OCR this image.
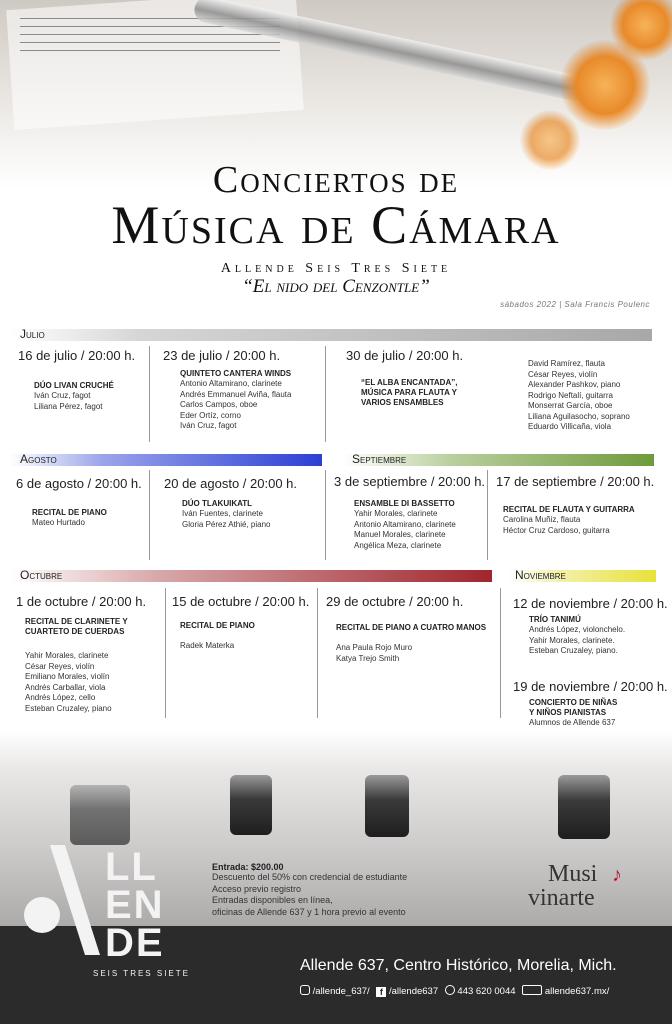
Conciertos de
Música de Cámara
Allende Seis Tres Siete
“El nido del Cenzontle”
sábados 2022 | Sala Francis Poulenc
Julio
16 de julio / 20:00 h.
DÚO LIVAN CRUCHÉ
Iván Cruz, fagot
Liliana Pérez, fagot
23 de julio / 20:00 h.
QUINTETO CANTERA WINDS
Antonio Altamirano, clarinete
Andrés Emmanuel Aviña, flauta
Carlos Campos, oboe
Eder Ortíz, corno
Iván Cruz, fagot
30 de julio / 20:00 h.
“EL ALBA ENCANTADA”,
MÚSICA PARA FLAUTA Y
VARIOS ENSAMBLES
David Ramírez, flauta
César Reyes, violín
Alexander Pashkov, piano
Rodrigo Neftalí, guitarra
Monserrat García, oboe
Liliana Aguilasocho, soprano
Eduardo Villicaña, viola
Agosto	Septiembre
6 de agosto / 20:00 h.
RECITAL DE PIANO
Mateo Hurtado
20 de agosto / 20:00 h.
DÚO TLAKUIKATL
Iván Fuentes, clarinete
Gloria Pérez Athié, piano
3 de septiembre / 20:00 h.
ENSAMBLE DI BASSETTO
Yahir Morales, clarinete
Antonio Altamirano, clarinete
Manuel Morales, clarinete
Angélica Meza, clarinete
17 de septiembre / 20:00 h.
RECITAL DE FLAUTA Y GUITARRA
Carolina Muñiz, flauta
Héctor Cruz Cardoso, guitarra
Octubre	Noviembre
1 de octubre / 20:00 h.
RECITAL DE CLARINETE Y
CUARTETO DE CUERDAS
Yahir Morales, clarinete
César Reyes, violín
Emiliano Morales, violín
Andrés Carballar, viola
Andrés López, cello
Esteban Cruzaley, piano
15 de octubre / 20:00 h.
RECITAL DE PIANO
Radek Materka
29 de octubre / 20:00 h.
RECITAL DE PIANO A CUATRO MANOS
Ana Paula Rojo Muro
Katya Trejo Smith
12 de noviembre / 20:00 h.
TRÍO TANIMÚ
Andrés López, violonchelo.
Yahir Morales, clarinete.
Esteban Cruzaley, piano.
19 de noviembre / 20:00 h.
CONCIERTO DE NIÑAS
Y NIÑOS PIANISTAS
Alumnos de Allende 637
Entrada: $200.00
Descuento del 50% con credencial de estudiante
Acceso previo registro
Entradas disponibles en línea,
oficinas de Allende 637 y 1 hora previo al evento
Musi
vinarte
♪
LL
EN
DE
SEIS TRES SIETE	Allende 637, Centro Histórico, Morelia, Mich.
/allende_637/ f /allende637 443 620 0044	allende637.mx/
